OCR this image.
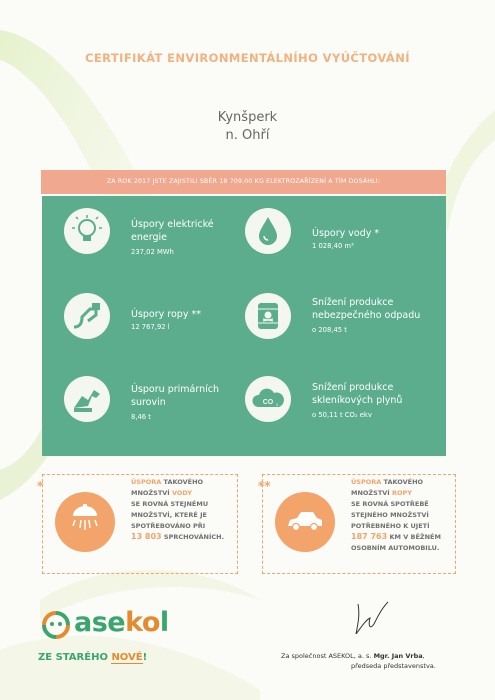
CERTIFIKÁT ENVIRONMENTÁLNÍHO VYÚČTOVÁNÍ
Kynšperk
n. Ohří
ZA ROK 2017 JSTE ZAJISTILI SBĚR 18 709,00 KG ELEKTROZAŘÍZENÍ A TÍM DOSÁHLI:
Úspory elektrické
energie
237,02 MWh
Úspory vody *
1 028,40 m³
Úspory ropy **
12 767,92 l
Snížení produkce
nebezpečného odpadu
o 208,45 t
Úsporu primárních
surovin
8,46 t
CO 2
Snížení produkce
skleníkových plynů
o 50,11 t CO₂ ekv
*	ÚSPORA TAKOVÉHO
MNOŽSTVÍ VODY
SE ROVNÁ STEJNÉMU
MNOŽSTVÍ, KTERÉ JE
SPOTŘEBOVÁNO PŘI
13 803 SPRCHOVÁNÍCH.
**	ÚSPORA TAKOVÉHO
MNOŽSTVÍ ROPY
SE ROVNÁ SPOTŘEBĚ
STEJNÉHO MNOŽSTVÍ
POTŘEBNÉHO K UJETÍ
187 763 KM V BĚŽNÉM
OSOBNÍM AUTOMOBILU.
asekol
ZE STARÉHO NOVÉ!	Za společnost ASEKOL, a. s. Mgr. Jan Vrba,
předseda představenstva.
